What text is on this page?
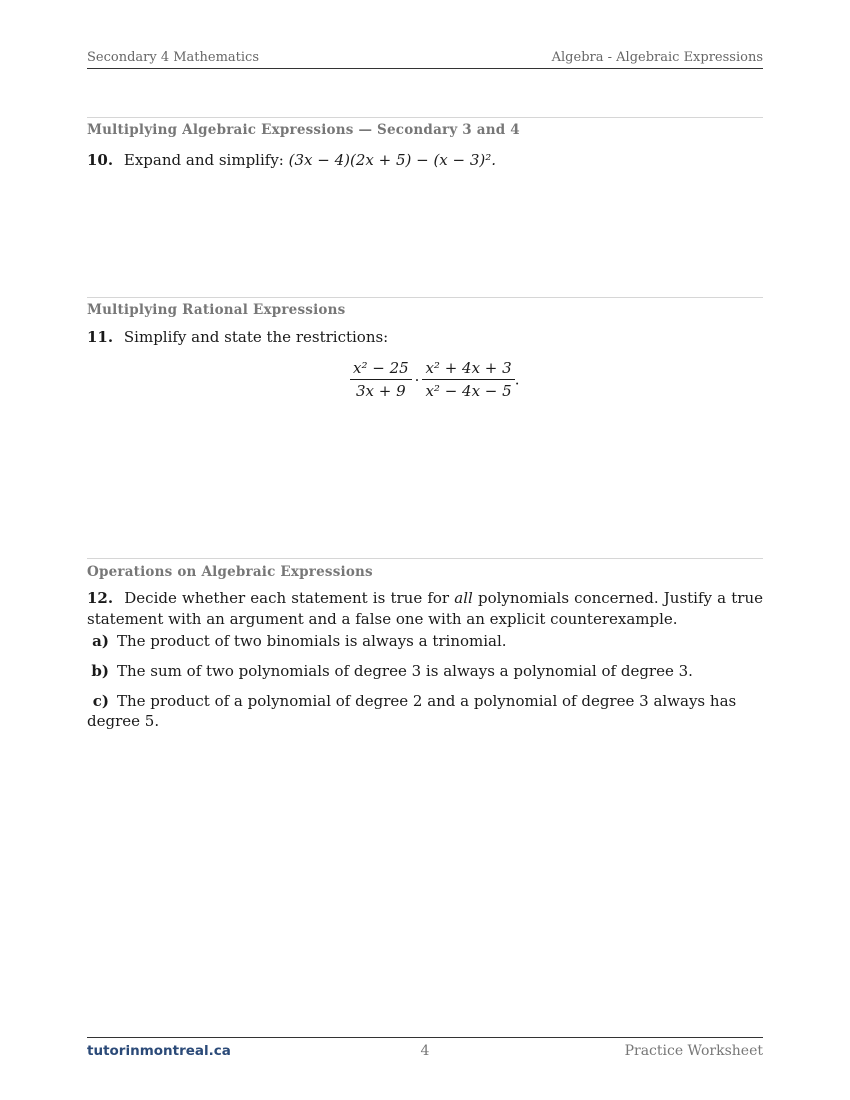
Secondary 4 Mathematics	Algebra - Algebraic Expressions
Multiplying Algebraic Expressions — Secondary 3 and 4
10. Expand and simplify: (3x − 4)(2x + 5) − (x − 3)².
Multiplying Rational Expressions
11. Simplify and state the restrictions:
$\frac{\text{x² − 25}}{3x + 9} \cdot \frac{\text{x² + 4x + 3}}{\text{x² − 4x − 5}}$ .
Operations on Algebraic Expressions
12. Decide whether each statement is true for all polynomials concerned. Justify a true statement with an argument and a false one with an explicit counterexample.
a) The product of two binomials is always a trinomial.
b) The sum of two polynomials of degree 3 is always a polynomial of degree 3.
c) The product of a polynomial of degree 2 and a polynomial of degree 3 always has degree 5.
tutorinmontreal.ca	4	Practice Worksheet
